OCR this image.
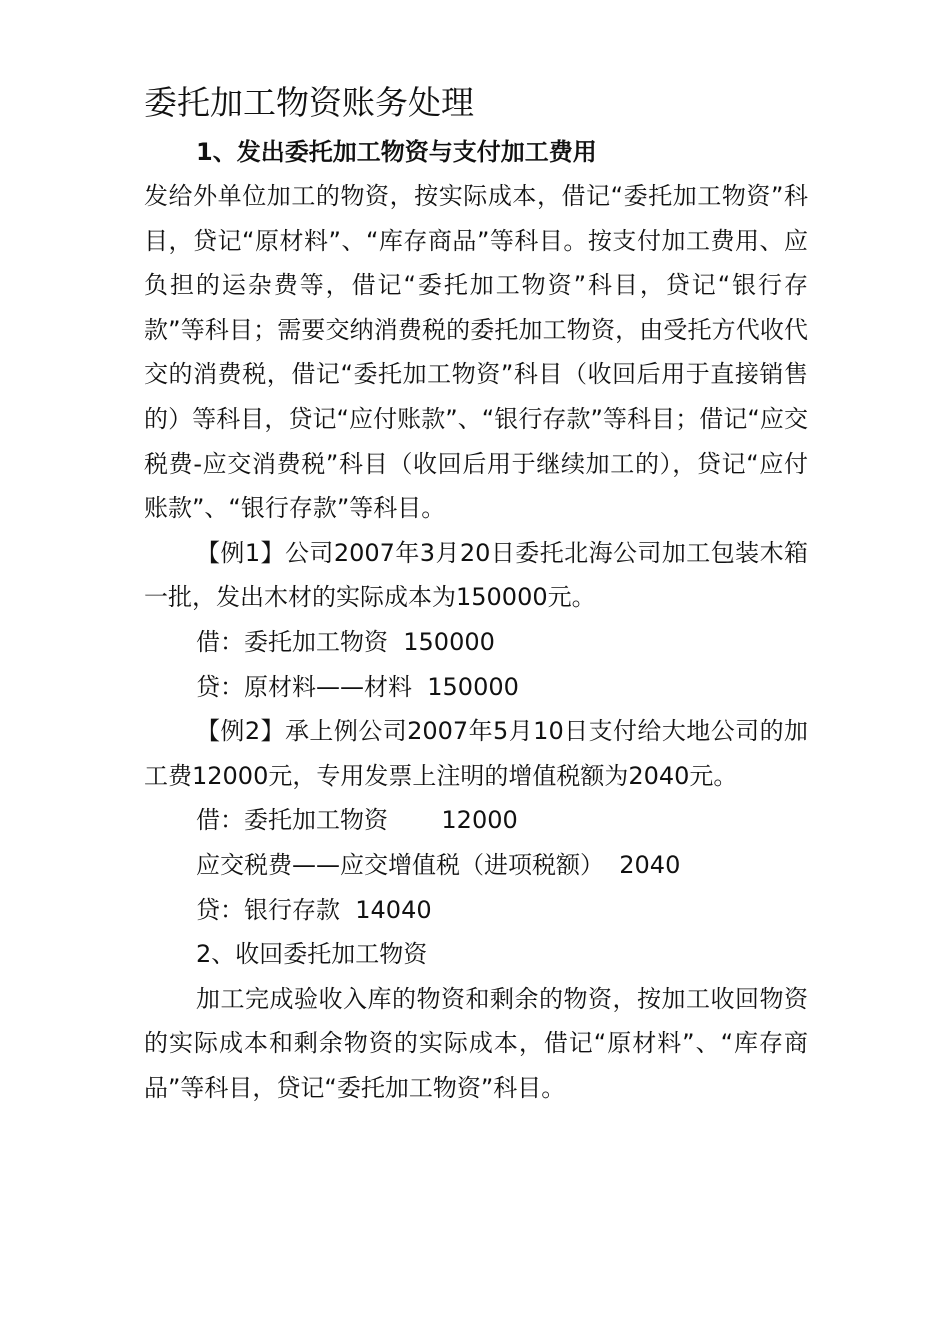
委托加工物资账务处理
1、发出委托加工物资与支付加工费用

发给外单位加工的物资，按实际成本，借记“委托加工物资”科目，贷记“原材料”、“库存商品”等科目。按支付加工费用、应负担的运杂费等，借记“委托加工物资”科目，贷记“银行存款”等科目；需要交纳消费税的委托加工物资，由受托方代收代交的消费税，借记“委托加工物资”科目（收回后用于直接销售的）等科目，贷记“应付账款”、“银行存款”等科目；借记“应交税费-应交消费税”科目（收回后用于继续加工的），贷记“应付账款”、“银行存款”等科目。

【例1】公司2007年3月20日委托北海公司加工包装木箱一批，发出木材的实际成本为150000元。

借：委托加工物资  150000
贷：原材料——材料  150000

【例2】承上例公司2007年5月10日支付给大地公司的加工费12000元，专用发票上注明的增值税额为2040元。

借：委托加工物资       12000
应交税费——应交增值税（进项税额）  2040
贷：银行存款  14040
2、收回委托加工物资

加工完成验收入库的物资和剩余的物资，按加工收回物资的实际成本和剩余物资的实际成本，借记“原材料”、“库存商品”等科目，贷记“委托加工物资”科目。
